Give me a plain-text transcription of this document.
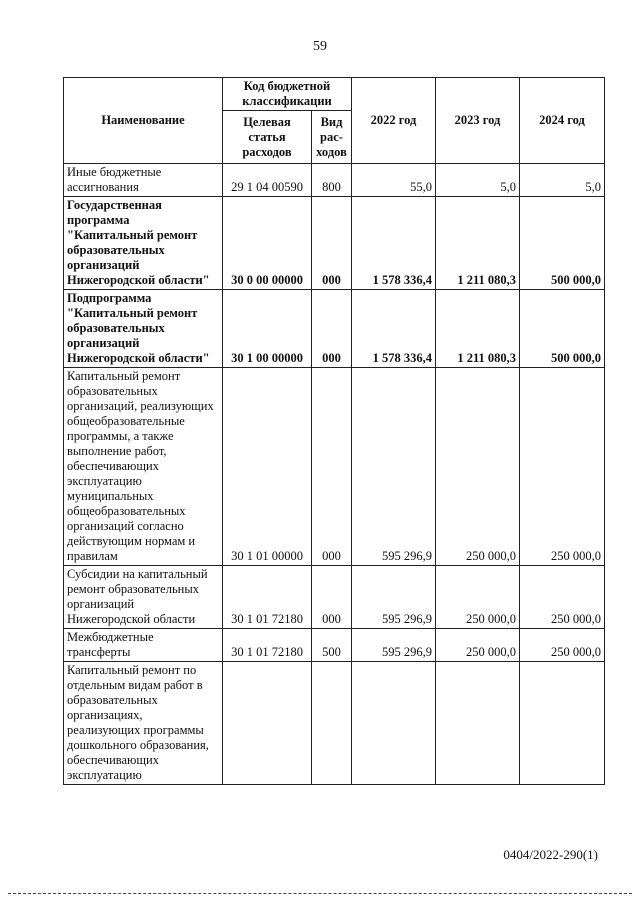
59
Наименование	Код бюджетной классификации		2022 год	2023 год	2024 год
	Целевая статья расходов	Вид рас-ходов			
Иные бюджетные ассигнования	29 1 04 00590	800	55,0	5,0	5,0
Государственная программа "Капитальный ремонт образовательных организаций Нижегородской области"	30 0 00 00000	000	1 578 336,4	1 211 080,3	500 000,0
Подпрограмма "Капитальный ремонт образовательных организаций Нижегородской области"	30 1 00 00000	000	1 578 336,4	1 211 080,3	500 000,0
Капитальный ремонт образовательных организаций, реализующих общеобразовательные программы, а также выполнение работ, обеспечивающих эксплуатацию муниципальных общеобразовательных организаций согласно действующим нормам и правилам	30 1 01 00000	000	595 296,9	250 000,0	250 000,0
Субсидии на капитальный ремонт образовательных организаций Нижегородской области	30 1 01 72180	000	595 296,9	250 000,0	250 000,0
Межбюджетные трансферты	30 1 01 72180	500	595 296,9	250 000,0	250 000,0
Капитальный ремонт по отдельным видам работ в образовательных организациях, реализующих программы дошкольного образования, обеспечивающих эксплуатацию					
0404/2022-290(1)
